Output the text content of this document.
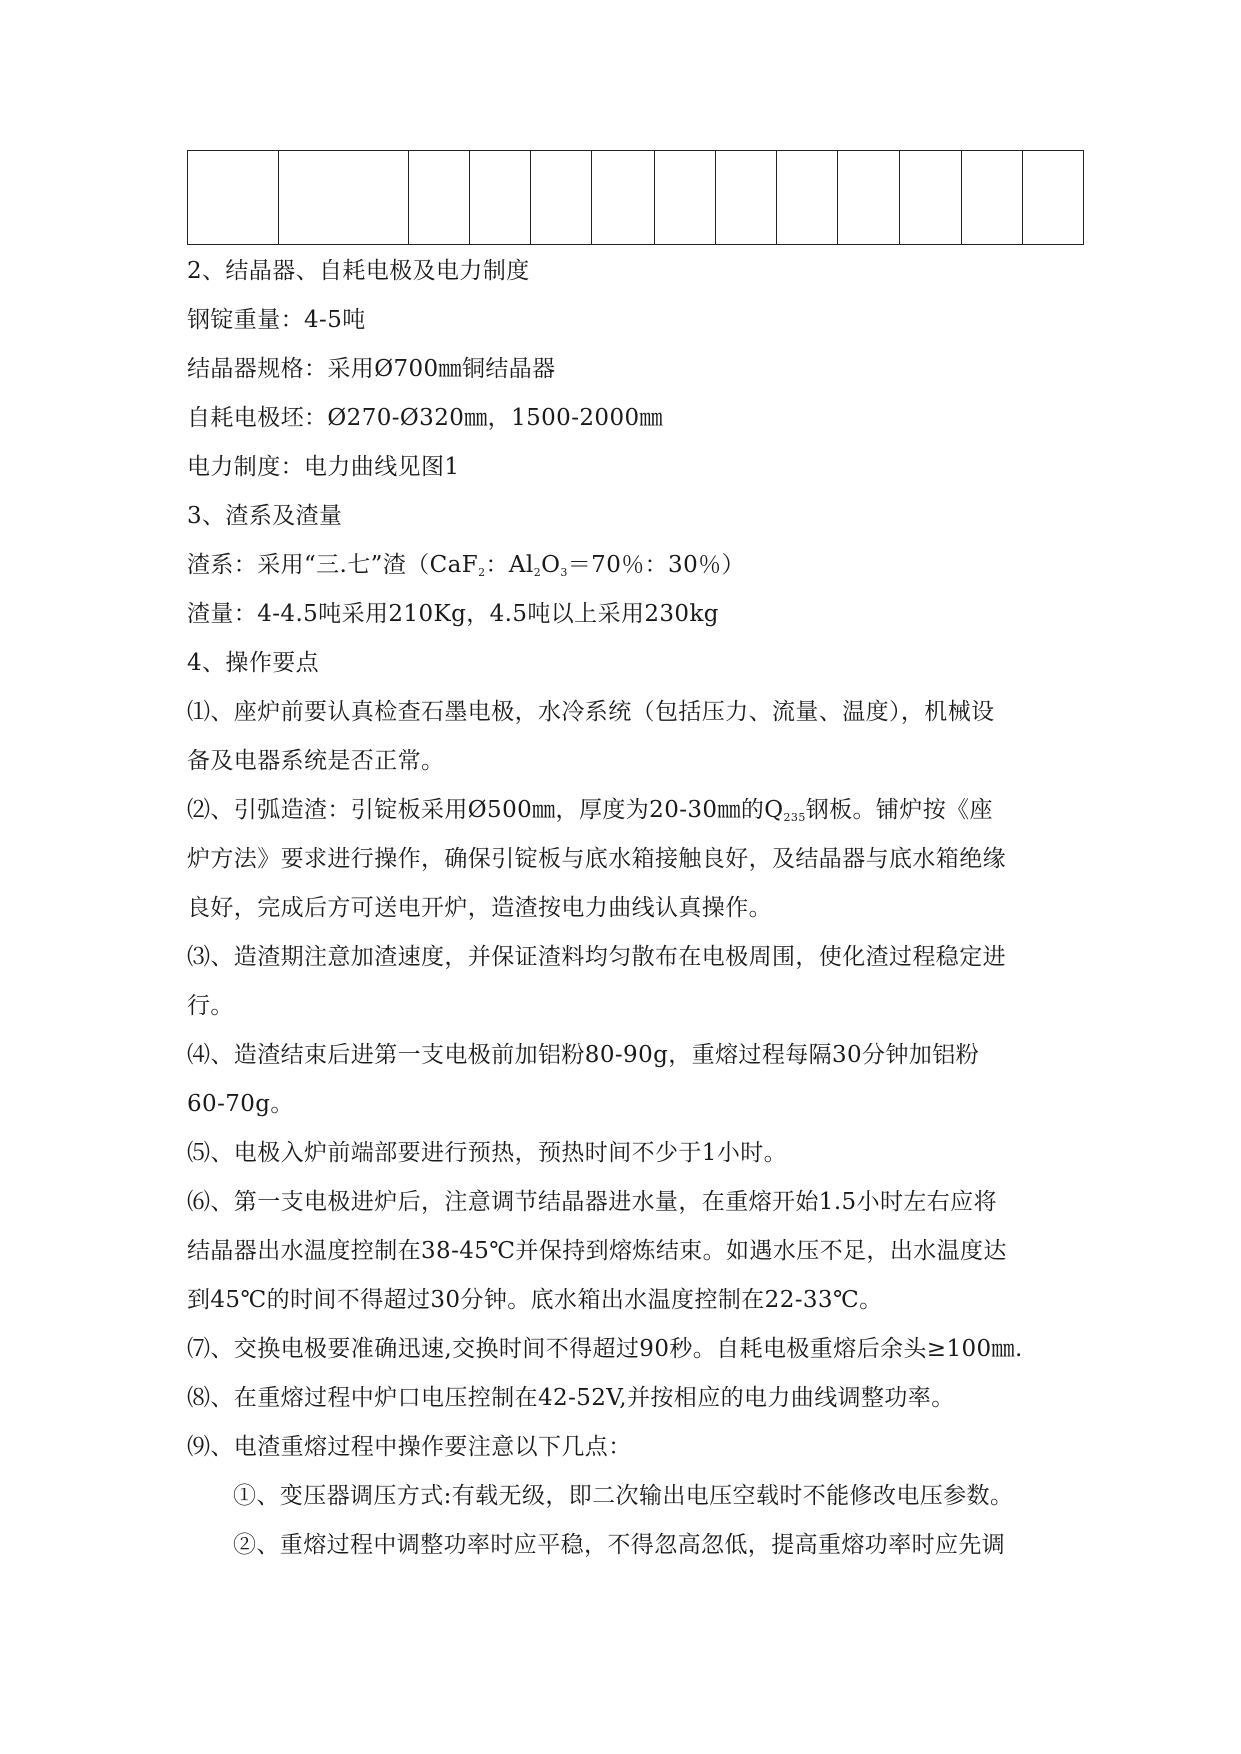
2、结晶器、自耗电极及电力制度
钢锭重量：4-5吨
结晶器规格：采用Ø700㎜铜结晶器
自耗电极坯：Ø270-Ø320㎜，1500-2000㎜
电力制度：电力曲线见图1
3、渣系及渣量
渣系：采用“三.七”渣（CaF$_2$：$Al_2O_3=70$％：30％）
渣量：4-4.5吨采用210Kg，4.5吨以上采用230kg
4、操作要点
⑴、座炉前要认真检查石墨电极，水冷系统（包括压力、流量、温度），机械设
备及电器系统是否正常。
⑵、引弧造渣：引锭板采用Ø500㎜，厚度为20-30㎜的$Q_{235}$钢板。铺炉按《座
炉方法》要求进行操作，确保引锭板与底水箱接触良好，及结晶器与底水箱绝缘
良好，完成后方可送电开炉，造渣按电力曲线认真操作。
⑶、造渣期注意加渣速度，并保证渣料均匀散布在电极周围，使化渣过程稳定进
行。
⑷、造渣结束后进第一支电极前加铝粉80-90g，重熔过程每隔30分钟加铝粉
60-70g。
⑸、电极入炉前端部要进行预热，预热时间不少于1小时。
⑹、第一支电极进炉后，注意调节结晶器进水量，在重熔开始1.5小时左右应将
结晶器出水温度控制在38-45℃并保持到熔炼结束。如遇水压不足，出水温度达
到45℃的时间不得超过30分钟。底水箱出水温度控制在22-33℃。
⑺、交换电极要准确迅速,交换时间不得超过90秒。自耗电极重熔后余头≥100㎜.
⑻、在重熔过程中炉口电压控制在42-52V,并按相应的电力曲线调整功率。
⑼、电渣重熔过程中操作要注意以下几点：
①、变压器调压方式:有载无级，即二次输出电压空载时不能修改电压参数。
②、重熔过程中调整功率时应平稳，不得忽高忽低，提高重熔功率时应先调
